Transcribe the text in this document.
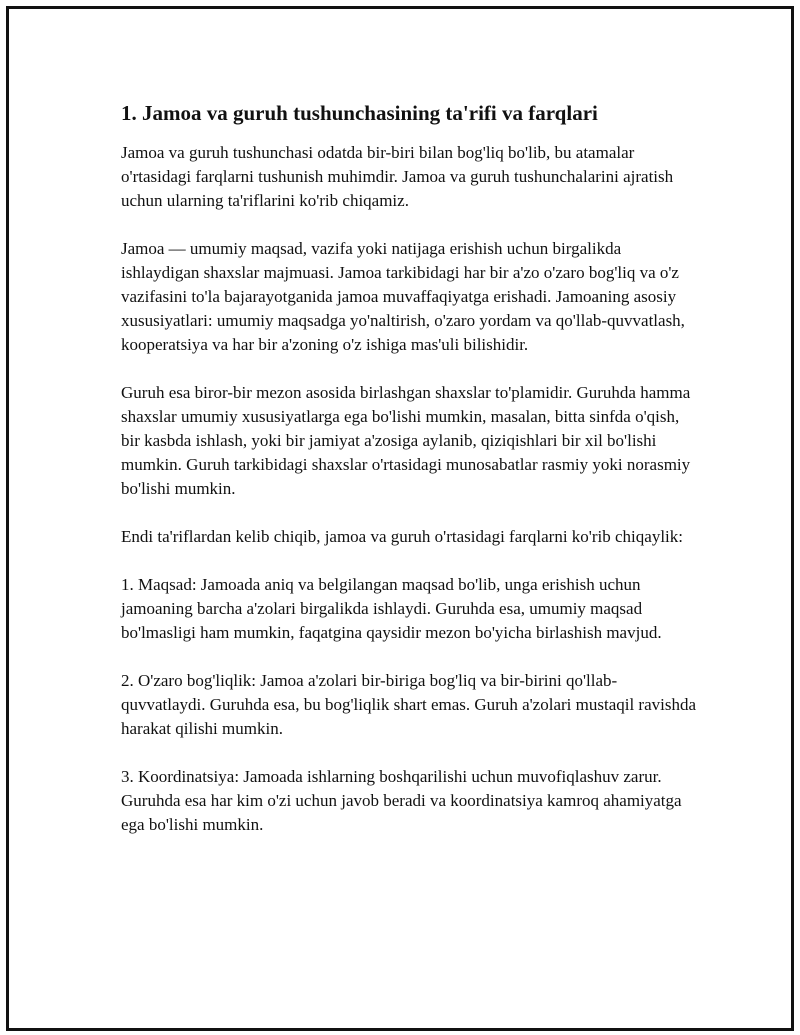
1. Jamoa va guruh tushunchasining ta'rifi va farqlari

Jamoa va guruh tushunchasi odatda bir-biri bilan bog'liq bo'lib, bu atamalar o'rtasidagi farqlarni tushunish muhimdir. Jamoa va guruh tushunchalarini ajratish uchun ularning ta'riflarini ko'rib chiqamiz.

Jamoa — umumiy maqsad, vazifa yoki natijaga erishish uchun birgalikda ishlaydigan shaxslar majmuasi. Jamoa tarkibidagi har bir a'zo o'zaro bog'liq va o'z vazifasini to'la bajarayotganida jamoa muvaffaqiyatga erishadi. Jamoaning asosiy xususiyatlari: umumiy maqsadga yo'naltirish, o'zaro yordam va qo'llab-quvvatlash, kooperatsiya va har bir a'zoning o'z ishiga mas'uli bilishidir.

Guruh esa biror-bir mezon asosida birlashgan shaxslar to'plamidir. Guruhda hamma shaxslar umumiy xususiyatlarga ega bo'lishi mumkin, masalan, bitta sinfda o'qish, bir kasbda ishlash, yoki bir jamiyat a'zosiga aylanib, qiziqishlari bir xil bo'lishi mumkin. Guruh tarkibidagi shaxslar o'rtasidagi munosabatlar rasmiy yoki norasmiy bo'lishi mumkin.

Endi ta'riflardan kelib chiqib, jamoa va guruh o'rtasidagi farqlarni ko'rib chiqaylik:

1. Maqsad: Jamoada aniq va belgilangan maqsad bo'lib, unga erishish uchun jamoaning barcha a'zolari birgalikda ishlaydi. Guruhda esa, umumiy maqsad bo'lmasligi ham mumkin, faqatgina qaysidir mezon bo'yicha birlashish mavjud.

2. O'zaro bog'liqlik: Jamoa a'zolari bir-biriga bog'liq va bir-birini qo'llab-quvvatlaydi. Guruhda esa, bu bog'liqlik shart emas. Guruh a'zolari mustaqil ravishda harakat qilishi mumkin.

3. Koordinatsiya: Jamoada ishlarning boshqarilishi uchun muvofiqlashuv zarur. Guruhda esa har kim o'zi uchun javob beradi va koordinatsiya kamroq ahamiyatga ega bo'lishi mumkin.
